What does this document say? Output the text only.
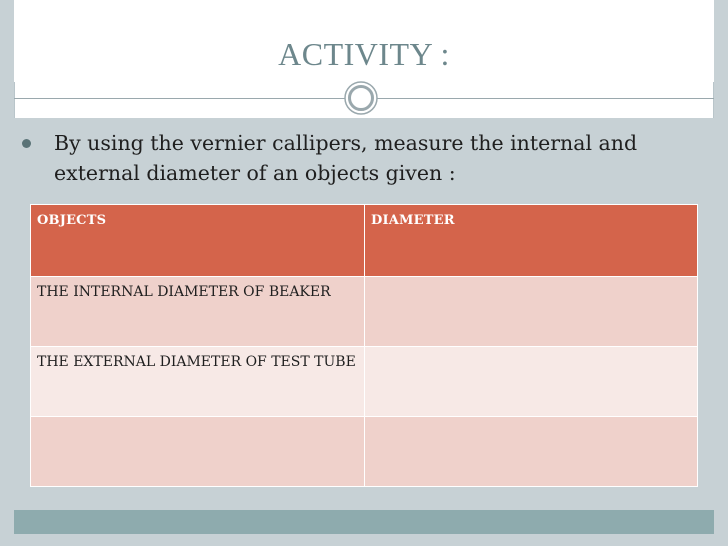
ACTIVITY :
By using the vernier callipers, measure the internal and external diameter of an objects given :
OBJECTS	DIAMETER
THE INTERNAL DIAMETER OF BEAKER	
THE EXTERNAL DIAMETER OF TEST TUBE	
